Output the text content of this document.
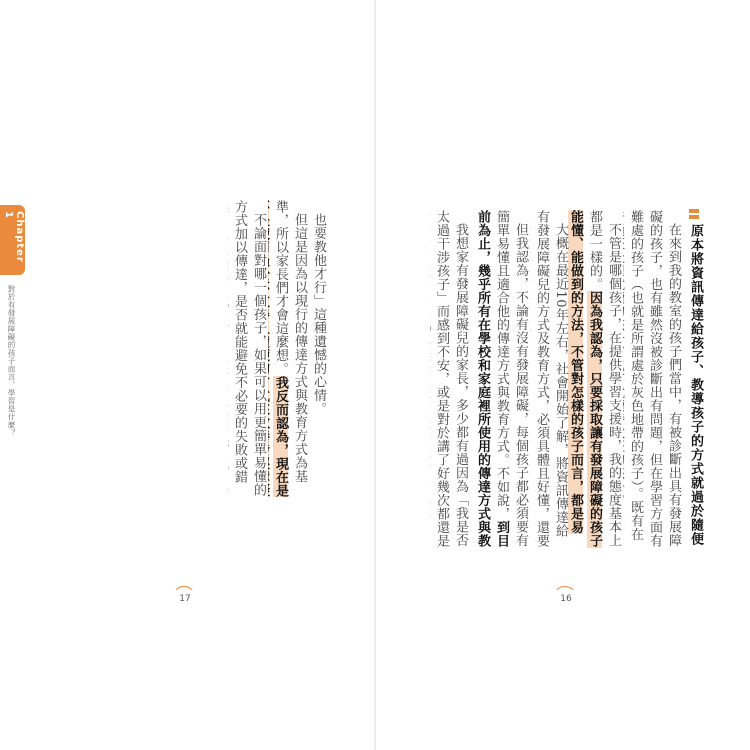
Chapter 1
對於有發展障礙的孩子而言，學習是什麼？	也要教他才行」這種遺憾的心情。

但這是因為以現行的傳達方式與教育方式為基準，所以家長們才會這麼想。我反而認為，現在是

不論面對哪一個孩子，如果可以用更簡單易懂的方式加以傳達，是否就能避免不必要的失敗或錯

17
原本將資訊傳達給孩子、教導孩子的方式就過於隨便

在來到我的教室的孩子們當中，有被診斷出具有發展障礙的孩子，也有雖然沒被診斷出有問題，但在學習方面有難處的孩子（也就是所謂處於灰色地帶的孩子）。既有在

不管是哪個孩子，在提供學習支援時，我的態度基本上都是一樣的。因為我認為，只要採取讓有發展障礙的孩子能懂、能做到的方法，不管對怎樣的孩子而言，都是易

大概在最近10年左右，社會開始了解，將資訊傳達給有發展障礙兒的方式及教育方式，必須具體且好懂，還要

但我認為，不論有沒有發展障礙，每個孩子都必須要有簡單易懂且適合他的傳達方式與教育方式。不如說，到目前為止，幾乎所有在學校和家庭裡所使用的傳達方式與教

我想家有發展障礙兒的家長，多少都有過因為「我是否太過干涉孩子」而感到不安，或是對於講了好幾次都還是

16
